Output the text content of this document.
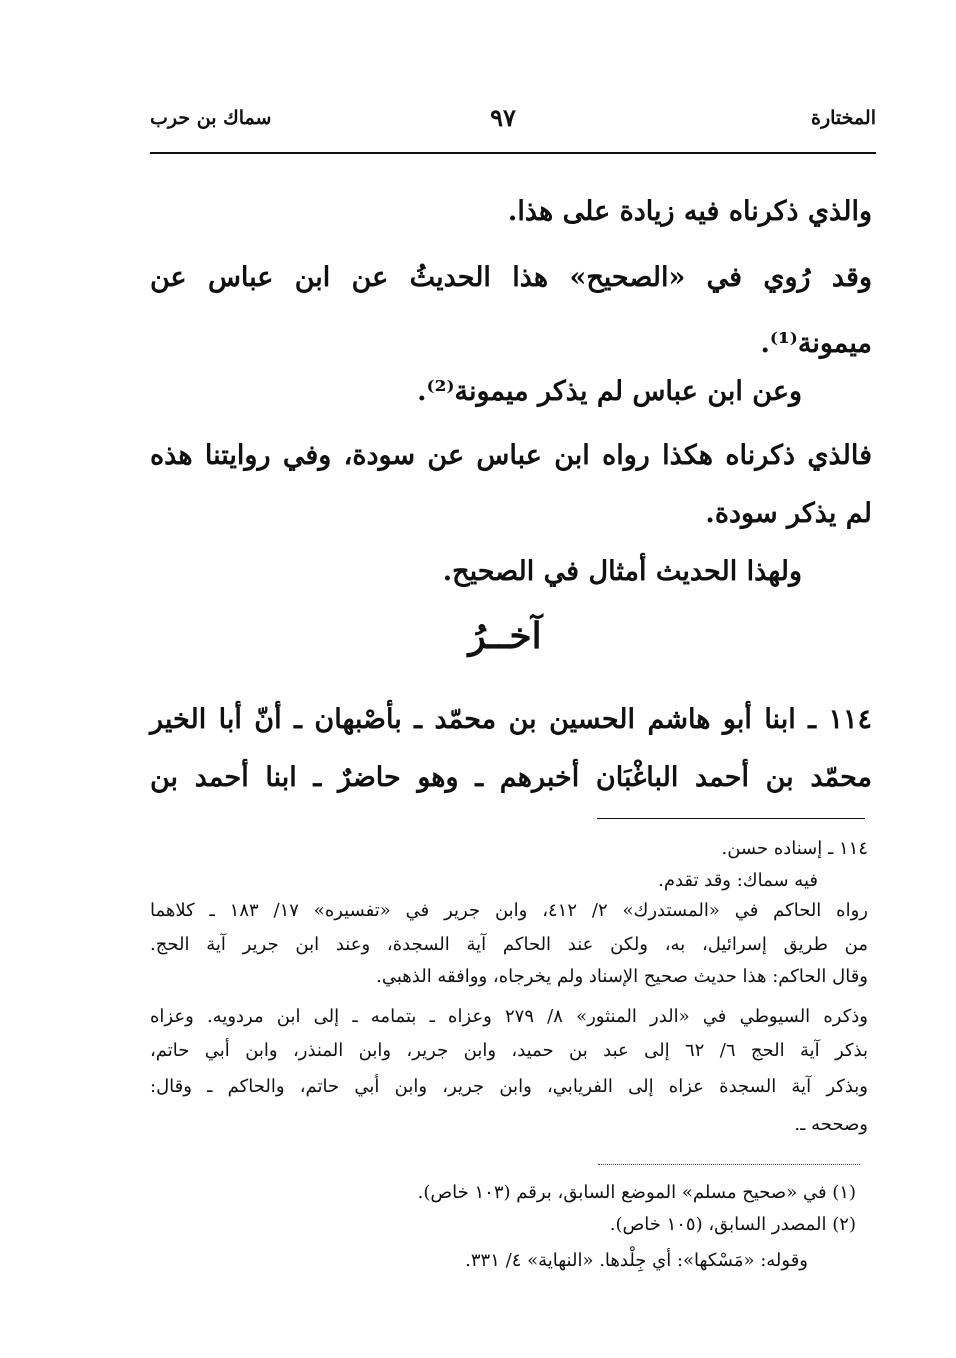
المختارة
٩٧
سماك بن حرب
والذي ذكرناه فيه زيادة على هذا.
وقد رُوي في «الصحيح» هذا الحديثُ عن ابن عباس عن
ميمونة⁽¹⁾.
وعن ابن عباس لم يذكر ميمونة⁽²⁾.
فالذي ذكرناه هكذا رواه ابن عباس عن سودة، وفي روايتنا هذه
لم يذكر سودة.
ولهذا الحديث أمثال في الصحيح.
آخــرُ
١١٤ ـ ابنا أبو هاشم الحسين بن محمّد ـ بأصْبهان ـ أنّ أبا الخير
محمّد بن أحمد الباغْبَان أخبرهم ـ وهو حاضرٌ ـ ابنا أحمد بن
١١٤ ـ إسناده حسن.
فيه سماك: وقد تقدم.
رواه الحاكم في «المستدرك» ٢/ ٤١٢، وابن جرير في «تفسيره» ١٧/ ١٨٣ ـ كلاهما
من طريق إسرائيل، به، ولكن عند الحاكم آية السجدة، وعند ابن جرير آية الحج.
وقال الحاكم: هذا حديث صحيح الإسناد ولم يخرجاه، ووافقه الذهبي.
وذكره السيوطي في «الدر المنثور» ٨/ ٢٧٩ وعزاه ـ بتمامه ـ إلى ابن مردويه. وعزاه
بذكر آية الحج ٦/ ٦٢ إلى عبد بن حميد، وابن جرير، وابن المنذر، وابن أبي حاتم،
وبذكر آية السجدة عزاه إلى الفريابي، وابن جرير، وابن أبي حاتم، والحاكم ـ وقال:
وصححه ـ.
(١) في «صحيح مسلم» الموضع السابق، برقم (١٠٣ خاص).
(٢) المصدر السابق، (١٠٥ خاص).
وقوله: «مَسْكها»: أي جِلْدها. «النهاية» ٤/ ٣٣١.
